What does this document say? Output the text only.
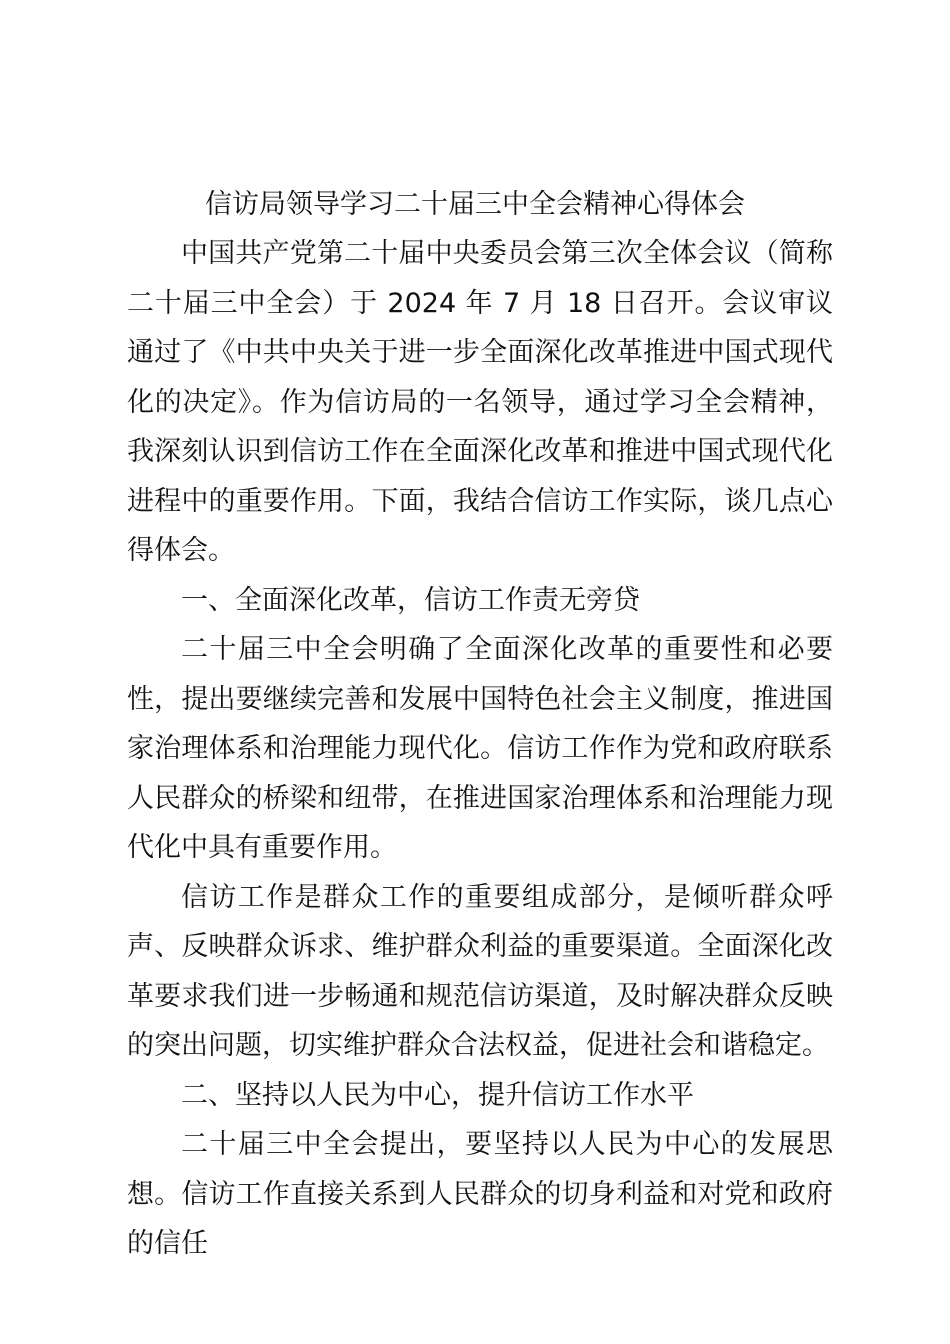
信访局领导学习二十届三中全会精神心得体会

中国共产党第二十届中央委员会第三次全体会议（简称二十届三中全会）于 2024 年 7 月 18 日召开。会议审议通过了《中共中央关于进一步全面深化改革推进中国式现代化的决定》。作为信访局的一名领导，通过学习全会精神，我深刻认识到信访工作在全面深化改革和推进中国式现代化进程中的重要作用。下面，我结合信访工作实际，谈几点心得体会。

一、全面深化改革，信访工作责无旁贷

二十届三中全会明确了全面深化改革的重要性和必要性，提出要继续完善和发展中国特色社会主义制度，推进国家治理体系和治理能力现代化。信访工作作为党和政府联系人民群众的桥梁和纽带，在推进国家治理体系和治理能力现代化中具有重要作用。

信访工作是群众工作的重要组成部分，是倾听群众呼声、反映群众诉求、维护群众利益的重要渠道。全面深化改革要求我们进一步畅通和规范信访渠道，及时解决群众反映的突出问题，切实维护群众合法权益，促进社会和谐稳定。

二、坚持以人民为中心，提升信访工作水平

二十届三中全会提出，要坚持以人民为中心的发展思想。信访工作直接关系到人民群众的切身利益和对党和政府的信任
